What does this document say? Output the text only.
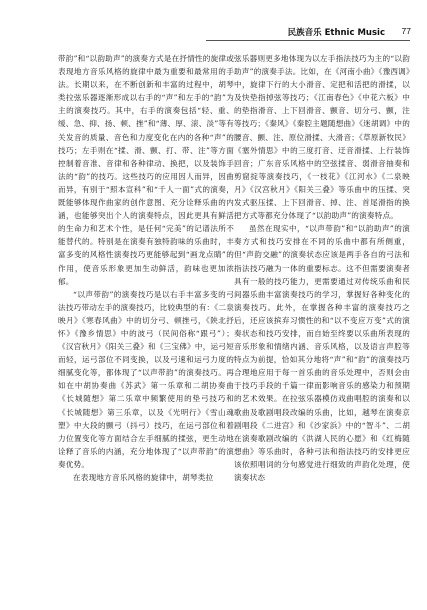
民族音乐 Ethnic Music 77

带韵”和“以韵助声”的演奏方式是在抒情性的旋律或表现地方音乐风格的旋律中最为重要和最常用的手法。长期以来，在不断创新和丰富的过程中，胡琴类拉弦乐器逐渐形成以右手的“声”和左手的“韵”为主的演奏技巧。其中，右手的演奏包括“轻、重、缓、急、抑、扬、顿、挫”和“薄、厚、滚、淡”等有关发音的质量、音色和力度变化在内的各种“声”的技巧；左手则在“揉、滑、颤、打、带、注”等方面控制着音准、音律和各种律动、换把，以及装饰手法的“韵”的技巧。这些技巧的应用因人而异，因曲而异，有别于“照本宣科”和“千人一面”式的演奏，既能够体现作曲家的创作意图、充分诠释乐曲的内涵，也能够突出个人的演奏特点，因此更具有鲜活的生命力和艺术个性，是任何“完美”的记谱法所不能替代的。特别是在演奏有独特韵味的乐曲时，丰富多变的风格性演奏技巧更能够起到“画龙点睛”的作用，使音乐形象更加生动鲜活，韵味也更加浓郁。

“以声带韵”的演奏技巧是以右手丰富多变的弓法技巧带动左手的演奏技巧，比较典型的有：《二泉映月》《寒春风曲》中的切分弓、顿挫弓，《陕北抒怀》《豫乡情思》中的波弓（民间俗称“跟弓”）；《汉宫秋月》《阳关三叠》和《三宝佛》中，运弓短而轻，运弓部位不同变换，以及弓速和运弓力度的细腻变化等，都体现了“以声带韵”的演奏技巧。再如在中胡协奏曲《苏武》第一乐章和二胡协奏曲《长城随想》第二乐章中频繁使用的垫弓技巧和《长城随想》第三乐章，以及《光明行》《雪山魂塑》中大段的颤弓（抖弓）技巧，在运弓部位和着力位置变化等方面结合左手细腻的揉弦，更生动地诠释了音乐的内涵，充分地体现了“以声带韵”的演奏优势。

在表现地方音乐风格的旋律中，胡琴类拉

弦乐器则更多地体现为以左手指法技巧为主的“以韵助声”的演奏手法。比如，在《河南小曲》《豫西调》中，旋律下行的大小滑音、定把和活把的滑揉，以及快垫指掉弦等技巧；《江南春色》《中花六板》中的垫指滑音、上下回滑音、颤音、切分弓、颤，注等技巧；《秦风》《秦腔主题随想曲》《迷胡调》中的腰音、颤、注、原位滑揉、大滑音；《草原新牧民》《塞外情思》中的三度打音、迂音滑揉、上行装饰回音；广东音乐风格中的空弦揉音、弱滑音抽奏和剪窟掟等演奏技巧，《一枝花》《江河水》《二泉映月》《汉宫秋月》《阳关三叠》等乐曲中的压揉、突发式驱压揉、上下回滑音、掉、注、首尾滑指的换把方式等都充分体现了“以韵助声”的演奏特点。

虽然在现实中，“以声带韵”和“以韵助声”的演奏方式和技巧安排在不同的乐曲中都有所侧重，但“声韵交融”的演奏状态应该是两手各自的弓法和指法技巧融为一体的重要标志。这不但需要演奏者具有一般的技巧能力，更需要通过对传统乐曲和民间器乐曲丰富演奏技巧的学习，掌握好各种变化的演奏技巧。此外，在掌握各种丰富的演奏技巧之后，还应该摈弃习惯性的和“以不变应万变”式的演奏状态和技巧安排，而自始至终要以乐曲所表现的音乐形象和情绪内涵、音乐风格，以及语言声腔等特点为前提，恰如其分地将“声”和“韵”的演奏技巧合理地应用于每一首乐曲的音乐处理中，否则会由于技巧手段的千篇一律而影响音乐的感染力和预期的艺术效果。在拉弦乐器模仿戏曲唱腔的演奏和以歌曲及歌剧唱段改编的乐曲，比如，越琴在演奏京剧唱段《二进宫》和《沙家浜》中的“智斗”、二胡在演奏歌剧改编的《洪湖人民的心愿》和《红梅随想曲》等乐曲时，各种弓法和指法技巧的安排更应该依照唱词的分句感觉进行细致的声韵化处理，使演奏状态
